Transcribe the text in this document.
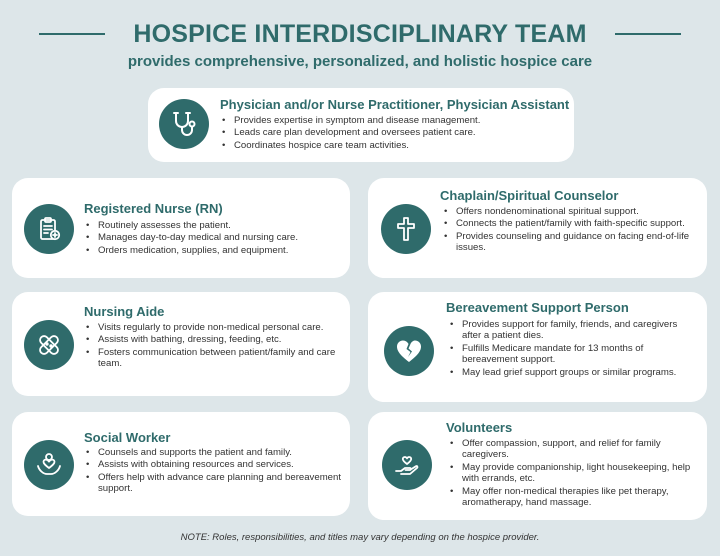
HOSPICE INTERDISCIPLINARY TEAM
provides comprehensive, personalized, and holistic hospice care
Physician and/or Nurse Practitioner, Physician Assistant
• Provides expertise in symptom and disease management.
• Leads care plan development and oversees patient care.
• Coordinates hospice care team activities.
Registered Nurse (RN)
• Routinely assesses the patient.
• Manages day-to-day medical and nursing care.
• Orders medication, supplies, and equipment.
Chaplain/Spiritual Counselor
• Offers nondenominational spiritual support.
• Connects the patient/family with faith-specific support.
• Provides counseling and guidance on facing end-of-life issues.
Nursing Aide
• Visits regularly to provide non-medical personal care.
• Assists with bathing, dressing, feeding, etc.
• Fosters communication between patient/family and care team.
Bereavement Support Person
• Provides support for family, friends, and caregivers after a patient dies.
• Fulfills Medicare mandate for 13 months of bereavement support.
• May lead grief support groups or similar programs.
Social Worker
• Counsels and supports the patient and family.
• Assists with obtaining resources and services.
• Offers help with advance care planning and bereavement support.
Volunteers
• Offer compassion, support, and relief for family caregivers.
• May provide companionship, light housekeeping, help with errands, etc.
• May offer non-medical therapies like pet therapy, aromatherapy, hand massage.
NOTE: Roles, responsibilities, and titles may vary depending on the hospice provider.
